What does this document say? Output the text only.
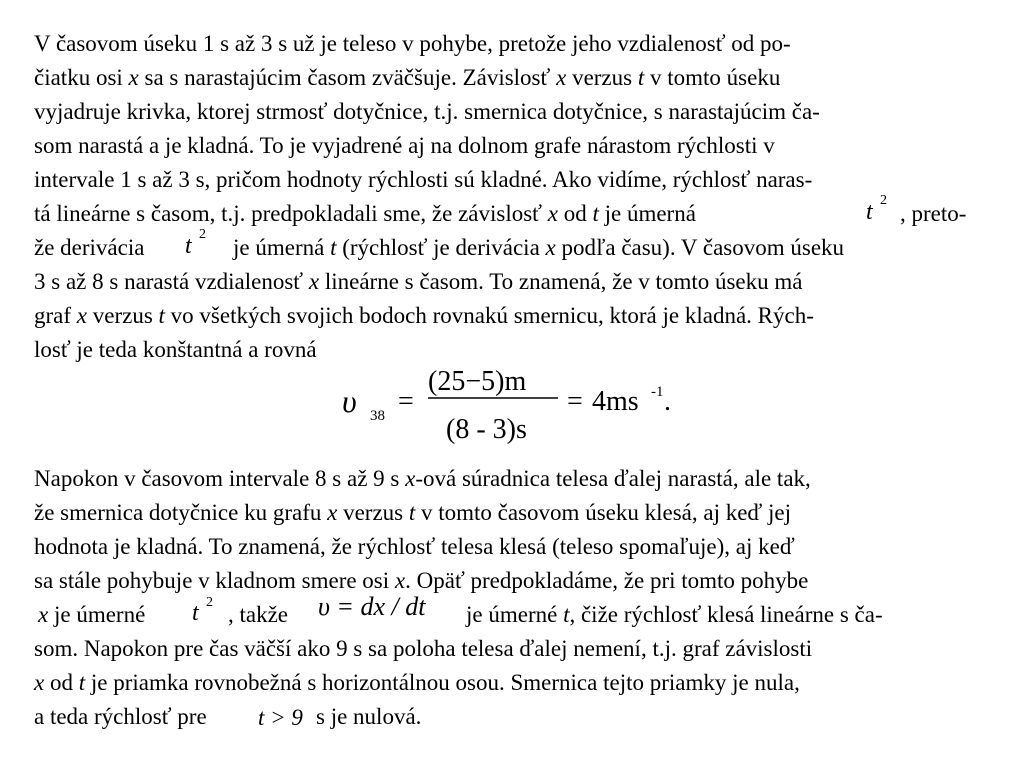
V časovom úseku 1 s až 3 s už je teleso v pohybe, pretože jeho vzdialenosť od po-
čiatku osi x sa s narastajúcim časom zväčšuje. Závislosť x verzus t v tomto úseku
vyjadruje krivka, ktorej strmosť dotyčnice, t.j. smernica dotyčnice, s narastajúcim ča-
som narastá a je kladná. To je vyjadrené aj na dolnom grafe nárastom rýchlosti v
intervale 1 s až 3 s, pričom hodnoty rýchlosti sú kladné. Ako vidíme, rýchlosť naras-
tá lineárne s časom, t.j. predpokladali sme, že závislosť x od t je úmerná	, preto-
že derivácia	je úmerná t (rýchlosť je derivácia x podľa času). V časovom úseku
3 s až 8 s narastá vzdialenosť x lineárne s časom. To znamená, že v tomto úseku má
graf x verzus t vo všetkých svojich bodoch rovnakú smernicu, ktorá je kladná. Rých-
losť je teda konštantná a rovná
t 2
t 2
υ 38 =
(25−5)m
(8 - 3)s
= 4ms -1 .
υ = dx / dt
t 2
t > 9
Napokon v časovom intervale 8 s až 9 s x-ová súradnica telesa ďalej narastá, ale tak,
že smernica dotyčnice ku grafu x verzus t v tomto časovom úseku klesá, aj keď jej
hodnota je kladná. To znamená, že rýchlosť telesa klesá (teleso spomaľuje), aj keď
sa stále pohybuje v kladnom smere osi x. Opäť predpokladáme, že pri tomto pohybe
x je úmerné	, takže	je úmerné t, čiže rýchlosť klesá lineárne s ča-
som. Napokon pre čas väčší ako 9 s sa poloha telesa ďalej nemení, t.j. graf závislosti
x od t je priamka rovnobežná s horizontálnou osou. Smernica tejto priamky je nula,
a teda rýchlosť pre	s je nulová.
